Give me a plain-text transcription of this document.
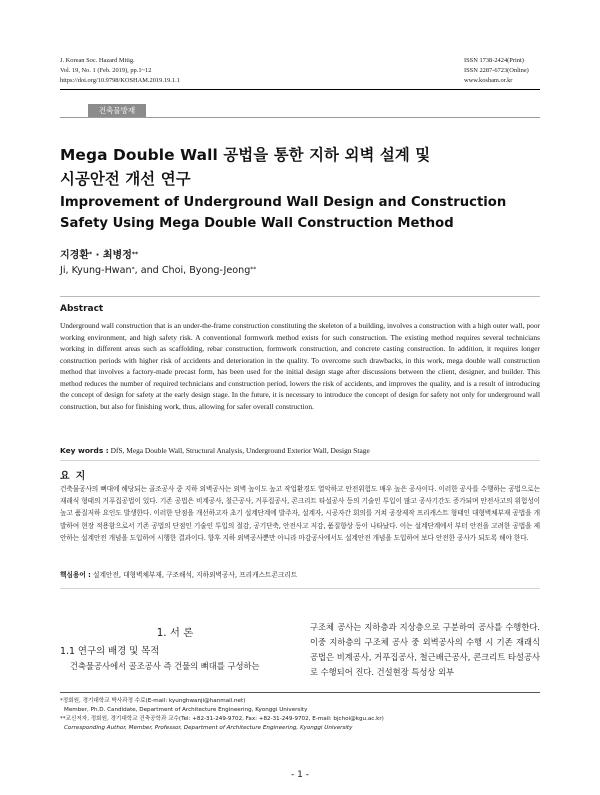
J. Korean Soc. Hazard Mitig.
Vol. 19, No. 1 (Feb. 2019), pp.1~12
https://doi.org/10.9798/KOSHAM.2019.19.1.1
ISSN 1738-2424(Print)
ISSN 2287-6723(Online)
www.kosham.or.kr
건축물방재
Mega Double Wall 공법을 통한 지하 외벽 설계 및
시공안전 개선 연구
Improvement of Underground Wall Design and Construction
Safety Using Mega Double Wall Construction Method
지경환* · 최병정**
Ji, Kyung-Hwan*, and Choi, Byong-Jeong**
Abstract
Underground wall construction that is an under-the-frame construction constituting the skeleton of a building, involves a construction with a high outer wall, poor working environment, and high safety risk. A conventional formwork method exists for such construction. The existing method requires several technicians working in different areas such as scaffolding, rebar construction, formwork construction, and concrete casting construction. In addition, it requires longer construction periods with higher risk of accidents and deterioration in the quality. To overcome such drawbacks, in this work, mega double wall construction method that involves a factory-made precast form, has been used for the initial design stage after discussions between the client, designer, and builder. This method reduces the number of required technicians and construction period, lowers the risk of accidents, and improves the quality, and is a result of introducing the concept of design for safety at the early design stage. In the future, it is necessary to introduce the concept of design for safety not only for underground wall construction, but also for finishing work, thus, allowing for safer overall construction.
Key words : DfS, Mega Double Wall, Structural Analysis, Underground Exterior Wall, Design Stage
요지
건축물공사의 뼈대에 해당되는 골조공사 중 지하 외벽공사는 외벽 높이도 높고 작업환경도 열악하고 안전위험도 매우 높은 공사이다. 이러한 공사를 수행하는 공법으로는 재래식 형태의 거푸집공법이 있다. 기존 공법은 비계공사, 철근공사, 거푸집공사, 콘크리트 타설공사 등의 기술인 투입이 많고 공사기간도 증가되며 안전사고의 위험성이 높고 품질저하 요인도 발생한다. 이러한 단점을 개선하고자 초기 설계단계에 발주자, 설계자, 시공자간 회의를 거쳐 공장제작 프리캐스트 형태인 대형벽체부재 공법을 개발하여 현장 적용함으로서 기존 공법의 단점인 기술인 투입의 절감, 공기단축, 안전사고 저감, 품질향상 등이 나타났다. 이는 설계단계에서 부터 안전을 고려한 공법을 제안하는 설계안전 개념을 도입하여 시행한 결과이다. 향후 지하 외벽공사뿐만 아니라 마감공사에서도 설계안전 개념을 도입하여 보다 안전한 공사가 되도록 해야 한다.
핵심용어 : 설계안전, 대형벽체부재, 구조해석, 지하외벽공사, 프리캐스트콘크리트
1. 서 론
1.1 연구의 배경 및 목적
건축물공사에서 골조공사 즉 건물의 뼈대를 구성하는
구조체 공사는 지하층과 지상층으로 구분하여 공사를 수행한다. 이중 지하층의 구조체 공사 중 외벽공사의 수행 시 기존 재래식 공법은 비계공사, 거푸집공사, 철근배근공사, 콘크리트 타설공사로 수행되어 진다. 건설현장 특성상 외부
*정회원, 경기대학교 박사과정 수료(E-mail: kyunghwanji@hanmail.net)
Member, Ph.D. Candidate, Department of Architecture Engineering, Kyonggi University
**교신저자, 정회원, 경기대학교 건축공학과 교수(Tel: +82-31-249-9702, Fax: +82-31-249-9702, E-mail: bjchoi@kgu.ac.kr)
Corresponding Author, Member, Professor, Department of Architecture Engineering, Kyonggi University
- 1 -
